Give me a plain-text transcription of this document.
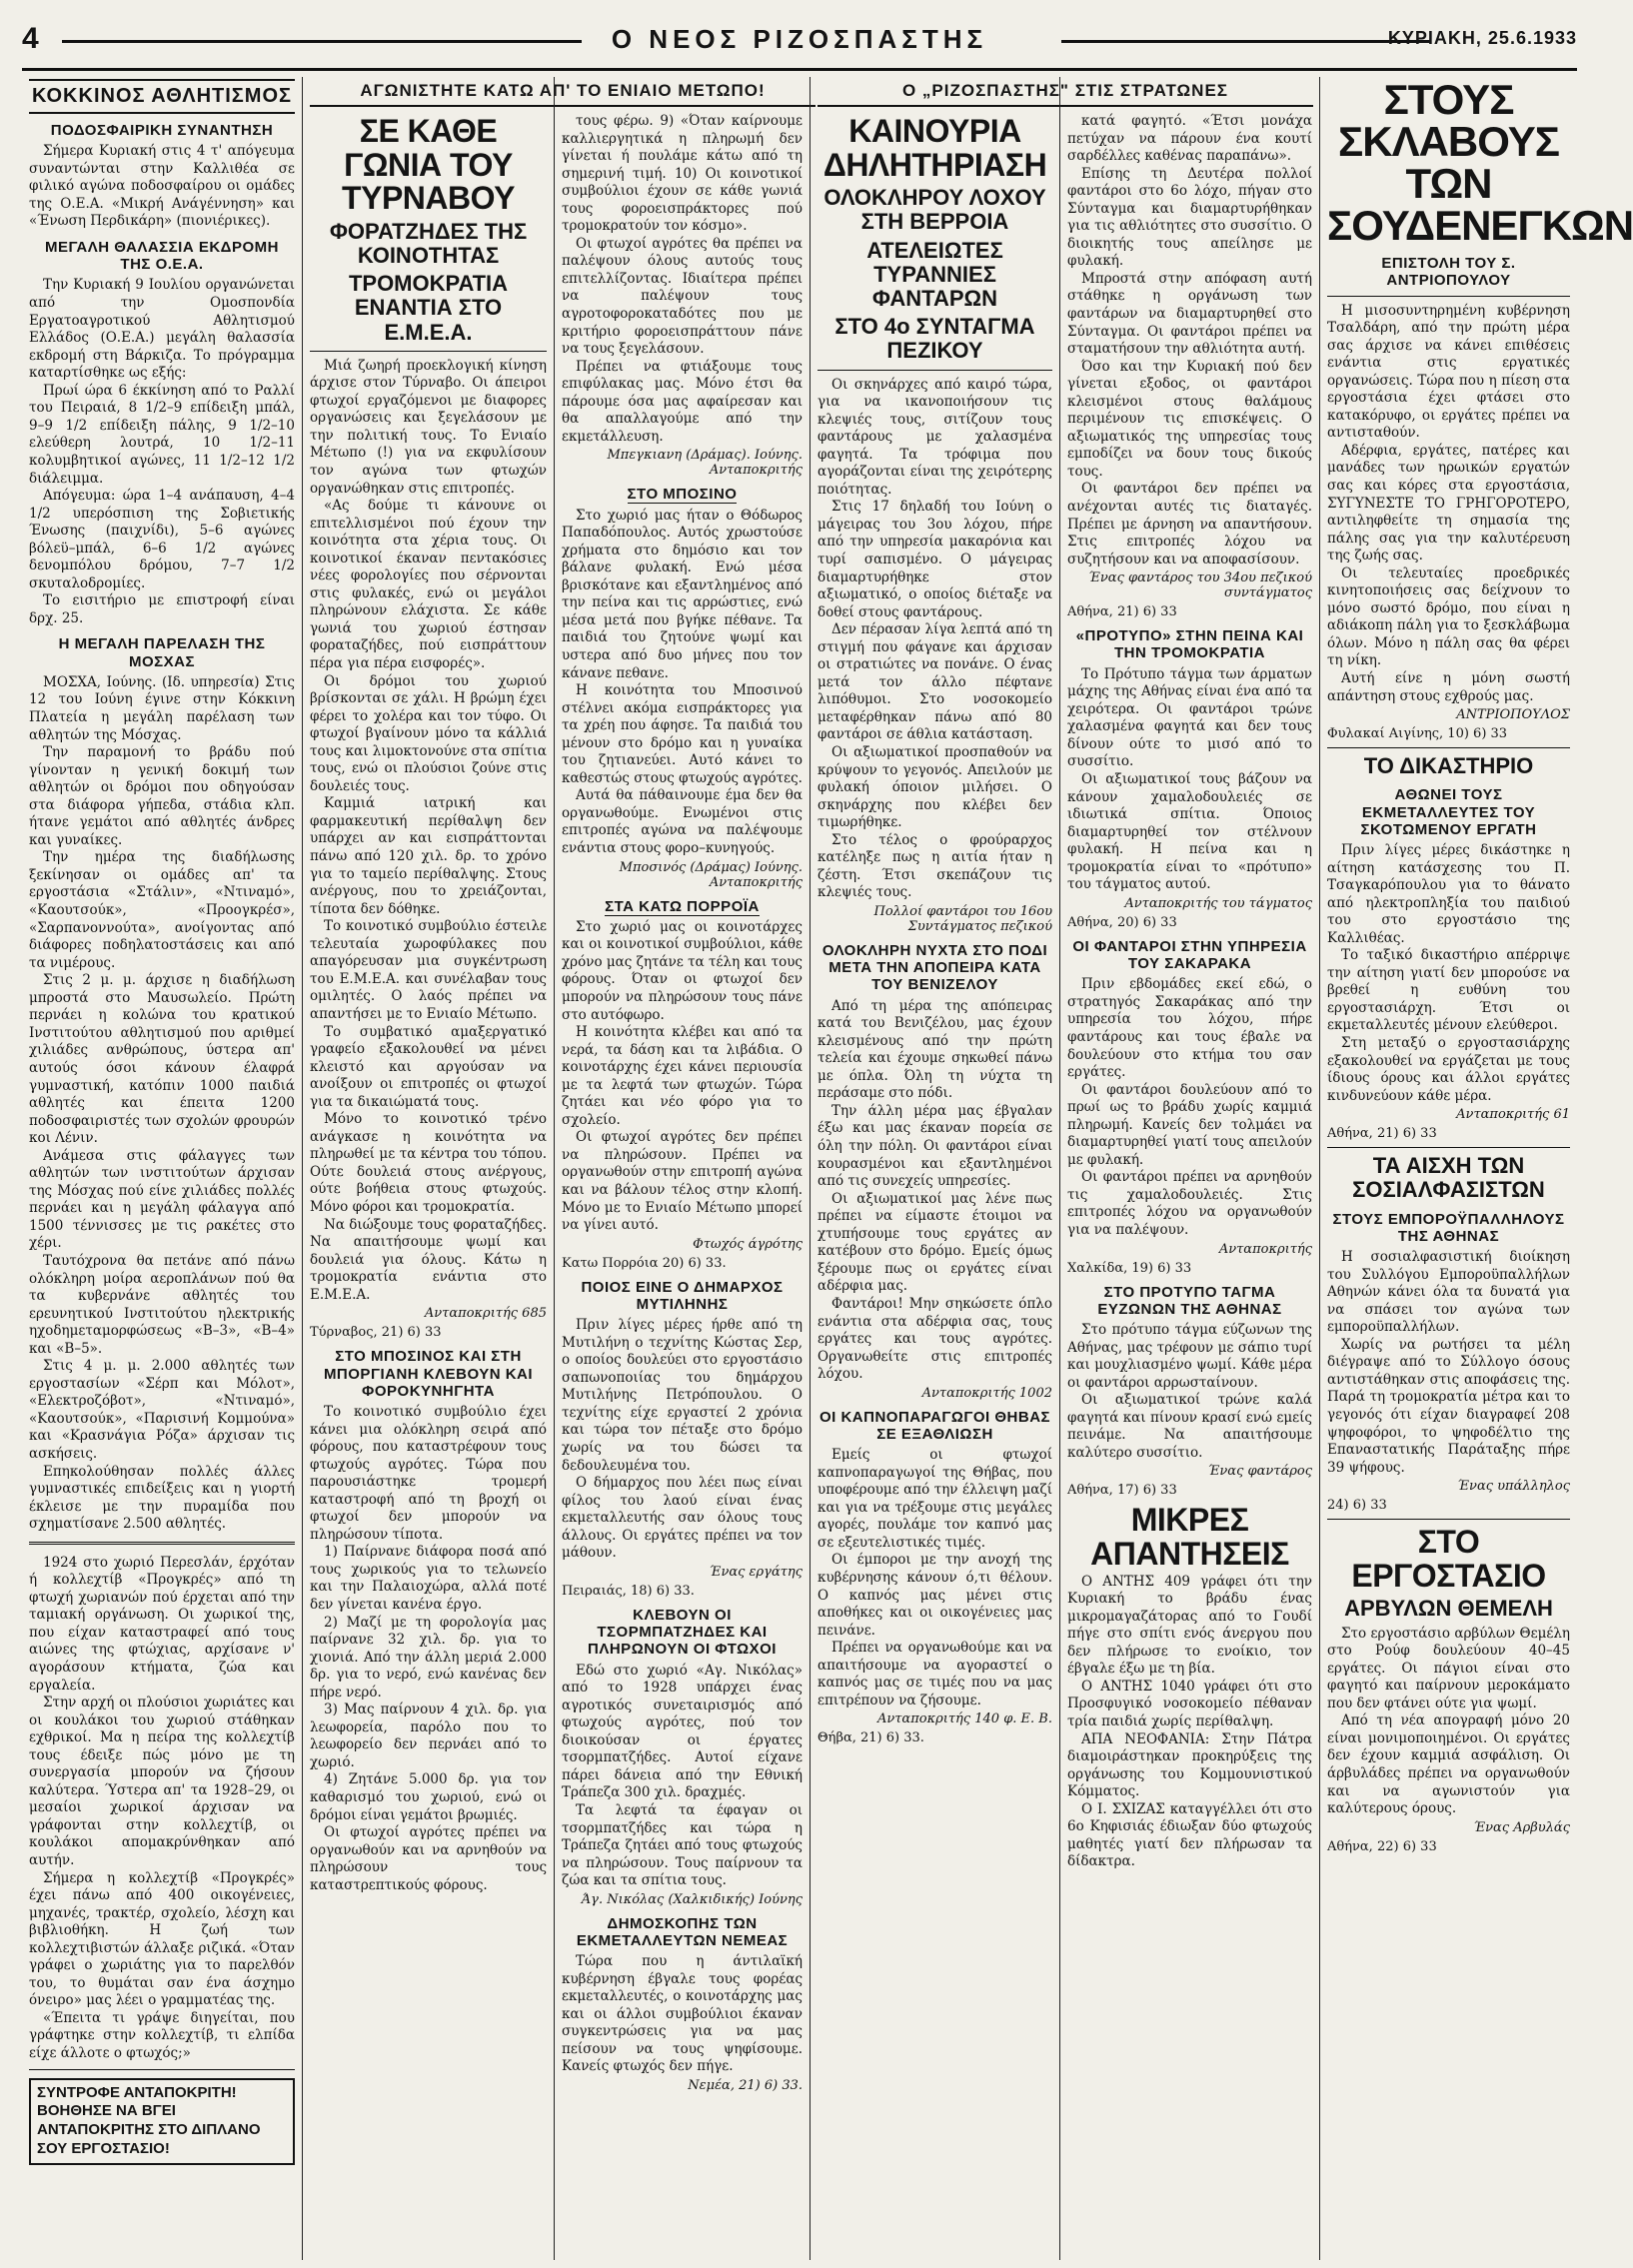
4	Ο ΝΕΟΣ ΡΙΖΟΣΠΑΣΤΗΣ	ΚΥΡΙΑΚΗ, 25.6.1933
ΚΟΚΚΙΝΟΣ ΑΘΛΗΤΙΣΜΟΣ
ΠΟΔΟΣΦΑΙΡΙΚΗ ΣΥΝΑΝΤΗΣΗ

Σήμερα Κυριακή στις 4 τ' απόγευμα συναντώνται στην Καλλιθέα σε φιλικό αγώνα ποδοσφαίρου οι ομάδες της Ο.Ε.Α. «Μικρή Ανάγέννηση» και «Ένωση Περδικάρη» (πιονιέρικες).

ΜΕΓΑΛΗ ΘΑΛΑΣΣΙΑ ΕΚΔΡΟΜΗ ΤΗΣ Ο.Ε.Α.

Την Κυριακή 9 Ιουλίου οργανώνεται από την Ομοσπονδία Εργατοαγροτικού Αθλητισμού Ελλάδος (Ο.Ε.Α.) μεγάλη θαλασσία εκδρομή στη Βάρκιζα. Το πρόγραμμα καταρτίσθηκε ως εξής:

Πρωί ώρα 6 έκκίνηση από το Ραλλί του Πειραιά, 8 1/2–9 επίδειξη μπάλ, 9–9 1/2 επίδειξη πάλης, 9 1/2–10 ελεύθερη λουτρά, 10 1/2–11 κολυμβητικοί αγώνες, 11 1/2–12 1/2 διάλειμμα.

Απόγευμα: ώρα 1–4 ανάπαυση, 4–4 1/2 υπερόσπιση της Σοβιετικής Ένωσης (παιχνίδι), 5–6 αγώνες βόλεϋ–μπάλ, 6–6 1/2 αγώνες δενομπόλου δρόμου, 7–7 1/2 σκυταλοδρομίες.

Το εισιτήριο με επιστροφή είναι δρχ. 25.

Η ΜΕΓΑΛΗ ΠΑΡΕΛΑΣΗ ΤΗΣ ΜΟΣΧΑΣ

ΜΟΣΧΑ, Ιούνης. (Ιδ. υπηρεσία) Στις 12 του Ιούνη έγινε στην Κόκκινη Πλατεία η μεγάλη παρέλαση των αθλητών της Μόσχας.

Την παραμονή το βράδυ πού γίνονταν η γενική δοκιμή των αθλητών οι δρόμοι που οδηγούσαν στα διάφορα γήπεδα, στάδια κλπ. ήτανε γεμάτοι από αθλητές άνδρες και γυναίκες.

Την ημέρα της διαδήλωσης ξεκίνησαν οι ομάδες απ' τα εργοστάσια «Στάλιν», «Ντιναμό», «Καουτσούκ», «Προογκρέσ», «Σαρπανοννούτα», ανοίγοντας από διάφορες ποδηλατοστάσεις και από τα νιμέρους.

Στις 2 μ. μ. άρχισε η διαδήλωση μπροστά στο Μαυσωλείο. Πρώτη περνάει η κολώνα του κρατικού Ινστιτούτου αθλητισμού που αριθμεί χιλιάδες ανθρώπους, ύστερα απ' αυτούς όσοι κάνουν έλαφρά γυμναστική, κατόπιν 1000 παιδιά αθλητές και έπειτα 1200 ποδοσφαιριστές των σχολών φρουρών κοι Λένιν.

Ανάμεσα στις φάλαγγες των αθλητών των ινστιτούτων άρχισαν της Μόσχας πού είνε χιλιάδες πολλές περνάει και η μεγάλη φάλαγγα από 1500 τέννισσες με τις ρακέτες στο χέρι.

Ταυτόχρονα θα πετάνε από πάνω ολόκληρη μοίρα αεροπλάνων πού θα τα κυβερνάνε αθλητές του ερευνητικού Ινστιτούτου ηλεκτρικής ηχοδημεταμορφώσεως «Β–3», «Β–4» και «Β–5».

Στις 4 μ. μ. 2.000 αθλητές των εργοστασίων «Σέρπ και Μόλοτ», «Ελεκτροζόβοτ», «Ντιναμό», «Καουτσούκ», «Παρισινή Κομμούνα» και «Κρασνάγια Ρόζα» άρχισαν τις ασκήσεις.

Επηκολούθησαν πολλές άλλες γυμναστικές επιδείξεις και η γιορτή έκλεισε με την πυραμίδα που σχηματίσανε 2.500 αθλητές.

1924 στο χωριό Περεσλάν, έρχόταν ή κολλεχτίβ «Προγκρές» από τη φτωχή χωριανών πού έρχεται από την ταμιακή οργάνωση. Οι χωρικοί της, που είχαν καταστραφεί από τους αιώνες της φτώχιας, αρχίσανε ν' αγοράσουν κτήματα, ζώα και εργαλεία.

Στην αρχή οι πλούσιοι χωριάτες και οι κουλάκοι του χωριού στάθηκαν εχθρικοί. Μα η πείρα της κολλεχτίβ τους έδειξε πώς μόνο με τη συνεργασία μπορούν να ζήσουν καλύτερα. Ύστερα απ' τα 1928–29, οι μεσαίοι χωρικοί άρχισαν να γράφονται στην κολλεχτίβ, οι κουλάκοι απομακρύνθηκαν από αυτήν.

Σήμερα η κολλεχτίβ «Προγκρές» έχει πάνω από 400 οικογένειες, μηχανές, τρακτέρ, σχολείο, λέσχη και βιβλιοθήκη. Η ζωή των κολλεχτιβιστών άλλαξε ριζικά. «Όταν γράφει ο χωριάτης για το παρελθόν του, το θυμάται σαν ένα άσχημο όνειρο» μας λέει ο γραμματέας της.

«Έπειτα τι γράψε διηγείται, που γράφτηκε στην κολλεχτίβ, τι ελπίδα είχε άλλοτε ο φτωχός;»

ΣΥΝΤΡΟΦΕ ΑΝΤΑΠΟΚΡΙΤΗ! ΒΟΗΘΗΣΕ ΝΑ ΒΓΕΙ ΑΝΤΑΠΟΚΡΙΤΗΣ ΣΤΟ ΔΙΠΛΑΝΟ ΣΟΥ ΕΡΓΟΣΤΑΣΙΟ!
ΑΓΩΝΙΣΤΗΤΕ ΚΑΤΩ ΑΠ' ΤΟ ΕΝΙΑΙΟ ΜΕΤΩΠΟ!
ΣΕ ΚΑΘΕ ΓΩΝΙΑ ΤΟΥ ΤΥΡΝΑΒΟΥ
ΦΟΡΑΤΖΗΔΕΣ ΤΗΣ ΚΟΙΝΟΤΗΤΑΣ
ΤΡΟΜΟΚΡΑΤΙΑ ΕΝΑΝΤΙΑ ΣΤΟ Ε.Μ.Ε.Α.

Μιά ζωηρή προεκλογική κίνηση άρχισε στον Τύρναβο. Οι άπειροι φτωχοί εργαζόμενοι με διαφορες οργανώσεις και ξεγελάσουν με την πολιτική τους. Το Ενιαίο Μέτωπο (!) για να εκφυλίσουν τον αγώνα των φτωχών οργανώθηκαν στις επιτροπές.

«Ας δούμε τι κάνουνε οι επιτελλισμένοι πού έχουν την κοινότητα στα χέρια τους. Οι κοινοτικοί έκαναν πεντακόσιες νέες φορολογίες που σέρνονται στις φυλακές, ενώ οι μεγάλοι πληρώνουν ελάχιστα. Σε κάθε γωνιά του χωριού έστησαν φοραταζήδες, πού εισπράττουν πέρα για πέρα εισφορές».

Οι δρόμοι του χωριού βρίσκονται σε χάλι. Η βρώμη έχει φέρει το χολέρα και τον τύφο. Οι φτωχοί βγαίνουν μόνο τα κάλλιά τους και λιμοκτονούνε στα σπίτια τους, ενώ οι πλούσιοι ζούνε στις δουλειές τους.

Καμμιά ιατρική και φαρμακευτική περίθαλψη δεν υπάρχει αν και εισπράττονται πάνω από 120 χιλ. δρ. το χρόνο για το ταμείο περίθαλψης. Στους ανέργους, που το χρειάζονται, τίποτα δεν δόθηκε.

Το κοινοτικό συμβούλιο έστειλε τελευταία χωροφύλακες που απαγόρευσαν μια συγκέντρωση του Ε.Μ.Ε.Α. και συνέλαβαν τους ομιλητές. Ο λαός πρέπει να απαντήσει με το Ενιαίο Μέτωπο.

Το συμβατικό αμαξεργατικό γραφείο εξακολουθεί να μένει κλειστό και αργούσαν να ανοίξουν οι επιτροπές οι φτωχοί για τα δικαιώματά τους.

Μόνο το κοινοτικό τρένο ανάγκασε η κοινότητα να πληρωθεί με τα κέντρα του τόπου. Ούτε δουλειά στους ανέργους, ούτε βοήθεια στους φτωχούς. Μόνο φόροι και τρομοκρατία.

Να διώξουμε τους φοραταζήδες. Να απαιτήσουμε ψωμί και δουλειά για όλους. Κάτω η τρομοκρατία ενάντια στο Ε.Μ.Ε.Α.

Ανταποκριτής 685
Τύρναβος, 21) 6) 33
ΣΤΟ ΜΠΟΣΙΝΟΣ ΚΑΙ ΣΤΗ ΜΠΟΡΓΙΑΝΗ ΚΛΕΒΟΥΝ ΚΑΙ ΦΟΡΟΚΥΝΗΓΗΤΑ

Το κοινοτικό συμβούλιο έχει κάνει μια ολόκληρη σειρά από φόρους, που καταστρέφουν τους φτωχούς αγρότες. Τώρα που παρουσιάστηκε τρομερή καταστροφή από τη βροχή οι φτωχοί δεν μπορούν να πληρώσουν τίποτα.

1) Παίρνανε διάφορα ποσά από τους χωρικούς για το τελωνείο και την Παλαιοχώρα, αλλά ποτέ δεν γίνεται κανένα έργο.

2) Μαζί με τη φορολογία μας παίρνανε 32 χιλ. δρ. για το χιονιά. Από την άλλη μεριά 2.000 δρ. για το νερό, ενώ κανένας δεν πήρε νερό.

3) Μας παίρνουν 4 χιλ. δρ. για λεωφορεία, παρόλο που το λεωφορείο δεν περνάει από το χωριό.

4) Ζητάνε 5.000 δρ. για τον καθαρισμό του χωριού, ενώ οι δρόμοι είναι γεμάτοι βρωμιές.

Οι φτωχοί αγρότες πρέπει να οργανωθούν και να αρνηθούν να πληρώσουν τους καταστρεπτικούς φόρους.

τους φέρω. 9) «Όταν καίρνουμε καλλιεργητικά η πληρωμή δεν γίνεται ή πουλάμε κάτω από τη σημερινή τιμή. 10) Οι κοινοτικοί συμβούλιοι έχουν σε κάθε γωνιά τους φοροεισπράκτορες πού τρομοκρατούν τον κόσμο».

Οι φτωχοί αγρότες θα πρέπει να παλέψουν όλους αυτούς τους επιτελλίζοντας. Ιδιαίτερα πρέπει να παλέψουν τους αγροτοφοροκαταδότες που με κριτήριο φοροεισπράττουν πάνε να τους ξεγελάσουν.

Πρέπει να φτιάξουμε τους επιφύλακας μας. Μόνο έτσι θα πάρουμε όσα μας αφαίρεσαν και θα απαλλαγούμε από την εκμετάλλευση.

Μπεγκιανη (Δράμας). Ιούνης. Ανταποκριτής
ΣΤΟ ΜΠΟΣΙΝΟ

Στο χωριό μας ήταν ο Θόδωρος Παπαδόπουλος. Αυτός χρωστούσε χρήματα στο δημόσιο και τον βάλανε φυλακή. Ενώ μέσα βρισκότανε και εξαντλημένος από την πείνα και τις αρρώστιες, ενώ μέσα μετά που βγήκε πέθανε. Τα παιδιά του ζητούνε ψωμί και υστερα από δυο μήνες που τον κάνανε πεθανε.

Η κοινότητα του Μποσινού στέλνει ακόμα εισπράκτορες για τα χρέη που άφησε. Τα παιδιά του μένουν στο δρόμο και η γυναίκα του ζητιανεύει. Αυτό κάνει το καθεστώς στους φτωχούς αγρότες.

Αυτά θα πάθαινουμε έμα δεν θα οργανωθούμε. Ενωμένοι στις επιτροπές αγώνα να παλέψουμε ενάντια στους φορο–κυνηγούς.

Μποσινός (Δράμας) Ιούνης. Ανταποκριτής
ΣΤΑ ΚΑΤΩ ΠΟΡΡΟΪΑ

Στο χωριό μας οι κοινοτάρχες και οι κοινοτικοί συμβούλιοι, κάθε χρόνο μας ζητάνε τα τέλη και τους φόρους. Όταν οι φτωχοί δεν μπορούν να πληρώσουν τους πάνε στο αυτόφωρο.

Η κοινότητα κλέβει και από τα νερά, τα δάση και τα λιβάδια. Ο κοινοτάρχης έχει κάνει περιουσία με τα λεφτά των φτωχών. Τώρα ζητάει και νέο φόρο για το σχολείο.

Οι φτωχοί αγρότες δεν πρέπει να πληρώσουν. Πρέπει να οργανωθούν στην επιτροπή αγώνα και να βάλουν τέλος στην κλοπή. Μόνο με το Ενιαίο Μέτωπο μπορεί να γίνει αυτό.

Φτωχός άγρότης
Κατω Πορρόια 20) 6) 33.
ΠΟΙΟΣ ΕΙΝΕ Ο ΔΗΜΑΡΧΟΣ ΜΥΤΙΛΗΝΗΣ

Πριν λίγες μέρες ήρθε από τη Μυτιλήνη ο τεχνίτης Κώστας Σερ, ο οποίος δουλεύει στο εργοστάσιο σαπωνοποιίας του δημάρχου Μυτιλήνης Πετρόπουλου. Ο τεχνίτης είχε εργαστεί 2 χρόνια και τώρα τον πέταξε στο δρόμο χωρίς να του δώσει τα δεδουλευμένα του.

Ο δήμαρχος που λέει πως είναι φίλος του λαού είναι ένας εκμεταλλευτής σαν όλους τους άλλους. Οι εργάτες πρέπει να τον μάθουν.

Ένας εργάτης
Πειραιάς, 18) 6) 33.
ΚΛΕΒΟΥΝ ΟΙ ΤΣΟΡΜΠΑΤΖΗΔΕΣ ΚΑΙ ΠΛΗΡΩΝΟΥΝ ΟΙ ΦΤΩΧΟΙ

Εδώ στο χωριό «Αγ. Νικόλας» από το 1928 υπάρχει ένας αγροτικός συνεταιρισμός από φτωχούς αγρότες, πού τον διοικούσαν οι έργατες τσορμπατζήδες. Αυτοί είχανε πάρει δάνεια από την Εθνική Τράπεζα 300 χιλ. δραχμές.

Τα λεφτά τα έφαγαν οι τσορμπατζήδες και τώρα η Τράπεζα ζητάει από τους φτωχούς να πληρώσουν. Τους παίρνουν τα ζώα και τα σπίτια τους.

Άγ. Νικόλας (Χαλκιδικής) Ιούνης
ΔΗΜΟΣΚΟΠΗΣ ΤΩΝ ΕΚΜΕΤΑΛΛΕΥΤΩΝ ΝΕΜΕΑΣ

Τώρα που η άντιλαϊκή κυβέρνηση έβγαλε τους φορέας εκμεταλλευτές, ο κοινοτάρχης μας και οι άλλοι συμβούλιοι έκαναν συγκεντρώσεις για να μας πείσουν να τους ψηφίσουμε. Κανείς φτωχός δεν πήγε.

Νεμέα, 21) 6) 33.
Ο „ΡΙΖΟΣΠΑΣΤΗΣ" ΣΤΙΣ ΣΤΡΑΤΩΝΕΣ
ΚΑΙΝΟΥΡΙΑ ΔΗΛΗΤΗΡΙΑΣΗ
ΟΛΟΚΛΗΡΟΥ ΛΟΧΟΥ ΣΤΗ ΒΕΡΡΟΙΑ
ΑΤΕΛΕΙΩΤΕΣ ΤΥΡΑΝΝΙΕΣ ΦΑΝΤΑΡΩΝ
ΣΤΟ 4ο ΣΥΝΤΑΓΜΑ ΠΕΖΙΚΟΥ

Οι σκηνάρχες από καιρό τώρα, για να ικανοποιήσουν τις κλεψιές τους, σιτίζουν τους φαντάρους με χαλασμένα φαγητά. Τα τρόφιμα που αγοράζονται είναι της χειρότερης ποιότητας.

Στις 17 δηλαδή του Ιούνη ο μάγειρας του 3ου λόχου, πήρε από την υπηρεσία μακαρόνια και τυρί σαπισμένο. Ο μάγειρας διαμαρτυρήθηκε στον αξιωματικό, ο οποίος διέταξε να δοθεί στους φαντάρους.

Δεν πέρασαν λίγα λεπτά από τη στιγμή που φάγανε και άρχισαν οι στρατιώτες να πονάνε. Ο ένας μετά τον άλλο πέφτανε λιπόθυμοι. Στο νοσοκομείο μεταφέρθηκαν πάνω από 80 φαντάροι σε άθλια κατάσταση.

Οι αξιωματικοί προσπαθούν να κρύψουν το γεγονός. Απειλούν με φυλακή όποιον μιλήσει. Ο σκηνάρχης που κλέβει δεν τιμωρήθηκε.

Στο τέλος ο φρούραρχος κατέληξε πως η αιτία ήταν η ζέστη. Έτσι σκεπάζουν τις κλεψιές τους.

Πολλοί φαντάροι του 16ου Συντάγματος πεζικού
ΟΛΟΚΛΗΡΗ ΝΥΧΤΑ ΣΤΟ ΠΟΔΙ ΜΕΤΑ ΤΗΝ ΑΠΟΠΕΙΡΑ ΚΑΤΑ ΤΟΥ ΒΕΝΙΖΕΛΟΥ

Από τη μέρα της απόπειρας κατά του Βενιζέλου, μας έχουν κλεισμένους από την πρώτη τελεία και έχουμε σηκωθεί πάνω με όπλα. Όλη τη νύχτα τη περάσαμε στο πόδι.

Την άλλη μέρα μας έβγαλαν έξω και μας έκαναν πορεία σε όλη την πόλη. Οι φαντάροι είναι κουρασμένοι και εξαντλημένοι από τις συνεχείς υπηρεσίες.

Οι αξιωματικοί μας λένε πως πρέπει να είμαστε έτοιμοι να χτυπήσουμε τους εργάτες αν κατέβουν στο δρόμο. Εμείς όμως ξέρουμε πως οι εργάτες είναι αδέρφια μας.

Φαντάροι! Μην σηκώσετε όπλο ενάντια στα αδέρφια σας, τους εργάτες και τους αγρότες. Οργανωθείτε στις επιτροπές λόχου.

Ανταποκριτής 1002
ΟΙ ΚΑΠΝΟΠΑΡΑΓΩΓΟΙ ΘΗΒΑΣ ΣΕ ΕΞΑΘΛΙΩΣΗ

Εμείς οι φτωχοί καπνοπαραγωγοί της Θήβας, που υποφέρουμε από την έλλειψη μαζί και για να τρέξουμε στις μεγάλες αγορές, πουλάμε τον καπνό μας σε εξευτελιστικές τιμές.

Οι έμποροι με την ανοχή της κυβέρνησης κάνουν ό,τι θέλουν. Ο καπνός μας μένει στις αποθήκες και οι οικογένειες μας πεινάνε.

Πρέπει να οργανωθούμε και να απαιτήσουμε να αγοραστεί ο καπνός μας σε τιμές που να μας επιτρέπουν να ζήσουμε.

Ανταποκριτής 140 φ. Ε. Β.
Θήβα, 21) 6) 33.

κατά φαγητό. «Έτσι μονάχα πετύχαν να πάρουν ένα κουτί σαρδέλλες καθένας παραπάνω».

Επίσης τη Δευτέρα πολλοί φαντάροι στο 6ο λόχο, πήγαν στο Σύνταγμα και διαμαρτυρήθηκαν για τις αθλιότητες στο συσσίτιο. Ο διοικητής τους απείλησε με φυλακή.

Μπροστά στην απόφαση αυτή στάθηκε η οργάνωση των φαντάρων να διαμαρτυρηθεί στο Σύνταγμα. Οι φαντάροι πρέπει να σταματήσουν την αθλιότητα αυτή.

Όσο και την Κυριακή πού δεν γίνεται εξοδος, οι φαντάροι κλεισμένοι στους θαλάμους περιμένουν τις επισκέψεις. Ο αξιωματικός της υπηρεσίας τους εμποδίζει να δουν τους δικούς τους.

Οι φαντάροι δεν πρέπει να ανέχονται αυτές τις διαταγές. Πρέπει με άρνηση να απαντήσουν. Στις επιτροπές λόχου να συζητήσουν και να αποφασίσουν.

Ένας φαντάρος του 34ου πεζικού συντάγματος
Αθήνα, 21) 6) 33
«ΠΡΟΤΥΠΟ» ΣΤΗΝ ΠΕΙΝΑ ΚΑΙ ΤΗΝ ΤΡΟΜΟΚΡΑΤΙΑ

Το Πρότυπο τάγμα των άρματων μάχης της Αθήνας είναι ένα από τα χειρότερα. Οι φαντάροι τρώνε χαλασμένα φαγητά και δεν τους δίνουν ούτε το μισό από το συσσίτιο.

Οι αξιωματικοί τους βάζουν να κάνουν χαμαλοδουλειές σε ιδιωτικά σπίτια. Όποιος διαμαρτυρηθεί τον στέλνουν φυλακή. Η πείνα και η τρομοκρατία είναι το «πρότυπο» του τάγματος αυτού.

Ανταποκριτής του τάγματος
Αθήνα, 20) 6) 33
ΟΙ ΦΑΝΤΑΡΟΙ ΣΤΗΝ ΥΠΗΡΕΣΙΑ ΤΟΥ ΣΑΚΑΡΑΚΑ

Πριν εβδομάδες εκεί εδώ, ο στρατηγός Σακαράκας από την υπηρεσία του λόχου, πήρε φαντάρους και τους έβαλε να δουλεύουν στο κτήμα του σαν εργάτες.

Οι φαντάροι δουλεύουν από το πρωί ως το βράδυ χωρίς καμμιά πληρωμή. Κανείς δεν τολμάει να διαμαρτυρηθεί γιατί τους απειλούν με φυλακή.

Οι φαντάροι πρέπει να αρνηθούν τις χαμαλοδουλειές. Στις επιτροπές λόχου να οργανωθούν για να παλέψουν.

Ανταποκριτής
Χαλκίδα, 19) 6) 33
ΣΤΟ ΠΡΟΤΥΠΟ ΤΑΓΜΑ ΕΥΖΩΝΩΝ ΤΗΣ ΑΘΗΝΑΣ

Στο πρότυπο τάγμα εύζωνων της Αθήνας, μας τρέφουν με σάπιο τυρί και μουχλιασμένο ψωμί. Κάθε μέρα οι φαντάροι αρρωσταίνουν.

Οι αξιωματικοί τρώνε καλά φαγητά και πίνουν κρασί ενώ εμείς πεινάμε. Να απαιτήσουμε καλύτερο συσσίτιο.

Ένας φαντάρος
Αθήνα, 17) 6) 33
ΜΙΚΡΕΣ ΑΠΑΝΤΗΣΕΙΣ

Ο ΑΝΤΗΣ 409 γράφει ότι την Κυριακή το βράδυ ένας μικρομαγαζάτορας από το Γουδί πήγε στο σπίτι ενός άνεργου που δεν πλήρωσε το ενοίκιο, τον έβγαλε έξω με τη βία.

Ο ΑΝΤΗΣ 1040 γράφει ότι στο Προσφυγικό νοσοκομείο πέθαναν τρία παιδιά χωρίς περίθαλψη.

ΑΠΑ ΝΕΟΦΑΝΙΑ: Στην Πάτρα διαμοιράστηκαν προκηρύξεις της οργάνωσης του Κομμουνιστικού Κόμματος.

Ο Ι. ΣΧΙΖΑΣ καταγγέλλει ότι στο 6ο Κηφισιάς έδιωξαν δύο φτωχούς μαθητές γιατί δεν πλήρωσαν τα δίδακτρα.

ΣΤΟΥΣ ΣΚΛΑΒΟΥΣ ΤΩΝ ΣΟΥΔΕΝΕΓΚΩΝ
ΕΠΙΣΤΟΛΗ ΤΟΥ Σ. ΑΝΤΡΙΟΠΟΥΛΟΥ

Η μισοσυντηρημένη κυβέρνηση Τσαλδάρη, από την πρώτη μέρα σας άρχισε να κάνει επιθέσεις ενάντια στις εργατικές οργανώσεις. Τώρα που η πίεση στα εργοστάσια έχει φτάσει στο κατακόρυφο, οι εργάτες πρέπει να αντισταθούν.

Αδέρφια, εργάτες, πατέρες και μανάδες των ηρωικών εργατών σας και κόρες στα εργοστάσια, ΣΥΓΥΝΕΣΤΕ ΤΟ ΓΡΗΓΟΡΟΤΕΡΟ, αντιληφθείτε τη σημασία της πάλης σας για την καλυτέρευση της ζωής σας.

Οι τελευταίες προεδρικές κινητοποιήσεις σας δείχνουν το μόνο σωστό δρόμο, που είναι η αδιάκοπη πάλη για το ξεσκλάβωμα όλων. Μόνο η πάλη σας θα φέρει τη νίκη.

Αυτή είνε η μόνη σωστή απάντηση στους εχθρούς μας.

ΑΝΤΡΙΟΠΟΥΛΟΣ
Φυλακαί Αιγίνης, 10) 6) 33
ΤΟ ΔΙΚΑΣΤΗΡΙΟ
ΑΘΩΝΕΙ ΤΟΥΣ ΕΚΜΕΤΑΛΛΕΥΤΕΣ ΤΟΥ ΣΚΟΤΩΜΕΝΟΥ ΕΡΓΑΤΗ

Πριν λίγες μέρες δικάστηκε η αίτηση κατάσχεσης του Π. Τσαγκαρόπουλου για το θάνατο από ηλεκτροπληξία του παιδιού του στο εργοστάσιο της Καλλιθέας.

Το ταξικό δικαστήριο απέρριψε την αίτηση γιατί δεν μπορούσε να βρεθεί η ευθύνη του εργοστασιάρχη. Έτσι οι εκμεταλλευτές μένουν ελεύθεροι.

Στη μεταξύ ο εργοστασιάρχης εξακολουθεί να εργάζεται με τους ίδιους όρους και άλλοι εργάτες κινδυνεύουν κάθε μέρα.

Ανταποκριτής 61
Αθήνα, 21) 6) 33
ΤΑ ΑΙΣΧΗ ΤΩΝ ΣΟΣΙΑΛΦΑΣΙΣΤΩΝ
ΣΤΟΥΣ ΕΜΠΟΡΟΫΠΑΛΛΗΛΟΥΣ ΤΗΣ ΑΘΗΝΑΣ

Η σοσιαλφασιστική διοίκηση του Συλλόγου Εμποροϋπαλλήλων Αθηνών κάνει όλα τα δυνατά για να σπάσει τον αγώνα των εμποροϋπαλλήλων.

Χωρίς να ρωτήσει τα μέλη διέγραψε από το Σύλλογο όσους αντιστάθηκαν στις αποφάσεις της. Παρά τη τρομοκρατία μέτρα και το γεγονός ότι είχαν διαγραφεί 208 ψηφοφόροι, το ψηφοδέλτιο της Επαναστατικής Παράταξης πήρε 39 ψήφους.

Ένας υπάλληλος
24) 6) 33
ΣΤΟ ΕΡΓΟΣΤΑΣΙΟ
ΑΡΒΥΛΩΝ ΘΕΜΕΛΗ

Στο εργοστάσιο αρβύλων Θεμέλη στο Ρούφ δουλεύουν 40–45 εργάτες. Οι πάγιοι είναι στο φαγητό και παίρνουν μεροκάματο που δεν φτάνει ούτε για ψωμί.

Από τη νέα απογραφή μόνο 20 είναι μονιμοποιημένοι. Οι εργάτες δεν έχουν καμμιά ασφάλιση. Οι άρβυλάδες πρέπει να οργανωθούν και να αγωνιστούν για καλύτερους όρους.

Ένας Αρβυλάς
Αθήνα, 22) 6) 33
